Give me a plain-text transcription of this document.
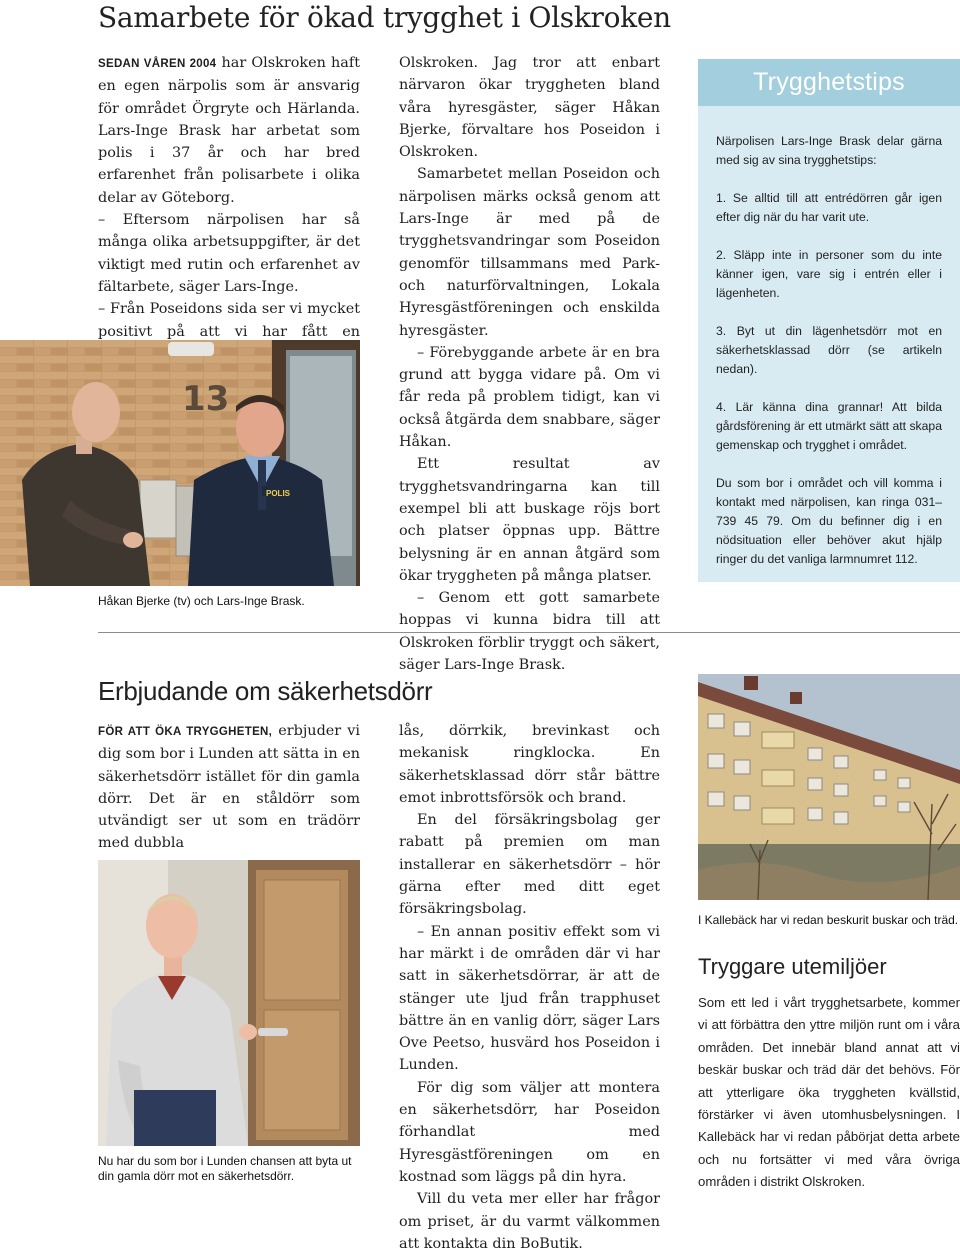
Samarbete för ökad trygghet i Olskroken

SEDAN VÅREN 2004 har Olskroken haft en egen närpolis som är ansvarig för området Örgryte och Härlanda. Lars-Inge Brask har arbetat som polis i 37 år och har bred erfarenhet från polisarbete i olika delar av Göteborg.

– Eftersom närpolisen har så många olika arbetsuppgifter, är det viktigt med rutin och erfarenhet av fältarbete, säger Lars-Inge.

– Från Poseidons sida ser vi mycket positivt på att vi har fått en

13
POLIS
Håkan Bjerke (tv) och Lars-Inge Brask.

Olskroken. Jag tror att enbart närvaron ökar tryggheten bland våra hyresgäster, säger Håkan Bjerke, förvaltare hos Poseidon i Olskroken.

Samarbetet mellan Poseidon och närpolisen märks också genom att Lars-Inge är med på de trygghetsvandringar som Poseidon genomför tillsammans med Park- och naturförvaltningen, Lokala Hyresgästföreningen och enskilda hyresgäster.

– Förebyggande arbete är en bra grund att bygga vidare på. Om vi får reda på problem tidigt, kan vi också åtgärda dem snabbare, säger Håkan.

Ett resultat av trygghetsvandringarna kan till exempel bli att buskage röjs bort och platser öppnas upp. Bättre belysning är en annan åtgärd som ökar tryggheten på många platser.

– Genom ett gott samarbete hoppas vi kunna bidra till att Olskroken förblir tryggt och säkert, säger Lars-Inge Brask.

Trygghetstips

Närpolisen Lars-Inge Brask delar gärna med sig av sina trygghetstips:

1. Se alltid till att entrédörren går igen efter dig när du har varit ute.

2. Släpp inte in personer som du inte känner igen, vare sig i entrén eller i lägenheten.

3. Byt ut din lägenhetsdörr mot en säkerhetsklassad dörr (se artikeln nedan).

4. Lär känna dina grannar! Att bilda gårdsförening är ett utmärkt sätt att skapa gemenskap och trygghet i området.

Du som bor i området och vill komma i kontakt med närpolisen, kan ringa 031– 739 45 79. Om du befinner dig i en nödsituation eller behöver akut hjälp ringer du det vanliga larmnumret 112.

Erbjudande om säkerhetsdörr

FÖR ATT ÖKA TRYGGHETEN, erbjuder vi dig som bor i Lunden att sätta in en säkerhetsdörr istället för din gamla dörr. Det är en ståldörr som utvändigt ser ut som en trädörr med dubbla

Nu har du som bor i Lunden chansen att byta ut din gamla dörr mot en säkerhetsdörr.

lås, dörrkik, brevinkast och mekanisk ringklocka. En säkerhetsklassad dörr står bättre emot inbrottsförsök och brand.

En del försäkringsbolag ger rabatt på premien om man installerar en säkerhetsdörr – hör gärna efter med ditt eget försäkringsbolag.

– En annan positiv effekt som vi har märkt i de områden där vi har satt in säkerhetsdörrar, är att de stänger ute ljud från trapphuset bättre än en vanlig dörr, säger Lars Ove Peetso, husvärd hos Poseidon i Lunden.

För dig som väljer att montera en säkerhetsdörr, har Poseidon förhandlat med Hyresgästföreningen om en kostnad som läggs på din hyra.

Vill du veta mer eller har frågor om priset, är du varmt välkommen att kontakta din BoButik.

I Kallebäck har vi redan beskurit buskar och träd.
Tryggare utemiljöer
Som ett led i vårt trygghetsarbete, kommer vi att förbättra den yttre miljön runt om i våra områden. Det innebär bland annat att vi beskär buskar och träd där det behövs. För att ytterligare öka tryggheten kvällstid, förstärker vi även utomhusbelysningen. I Kallebäck har vi redan påbörjat detta arbete och nu fortsätter vi med våra övriga områden i distrikt Olskroken.
